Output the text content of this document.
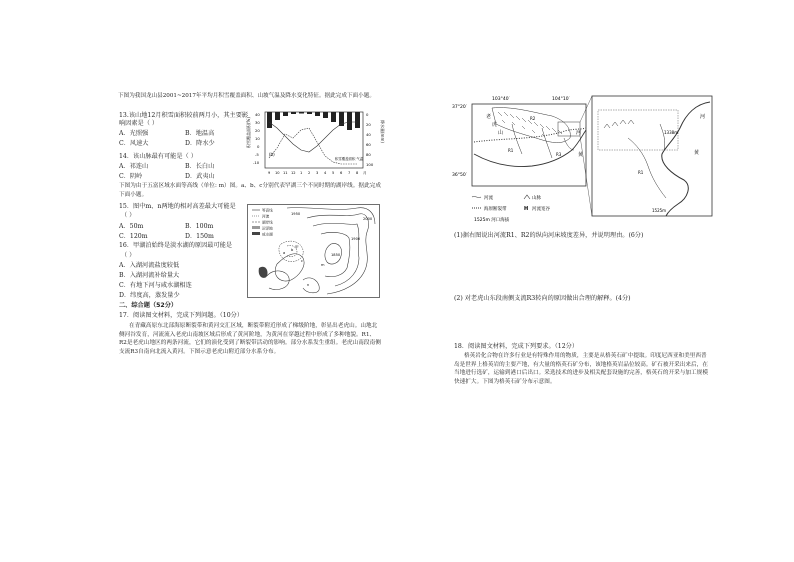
下图为我国龙山县2001~2017年平均月积雪覆盖面积、山坡气温及降水变化特征。据此完成下面小题。
13.该山地12月积雪面积较前两月小，其主要影响因素是（ ）
A．光照强	B．地温高
C．风速大	D．降水少
14．该山脉最有可能是（ ）
A．祁连山	B．长白山
C．阴岭	D．武夷山
下图为由于五富区域水面等高线（单位: m）图。a、b、c分别代表罕湖三个不同时期的湖岸线。据此完成下面小题。
15．图中m、n两地的相对高差最大可能是
（ ）
A．50m	B．100m
C．120m	D．150m
16．甲湖泊始终是淡水湖的原因最可能是
（ ）
A．入湖河流盐度较低
B．入湖河流补给量大
C．有地下河与咸水湖相连
D．纬度高，蒸发量少
二、综合题（52分）
17．阅读图文材料，完成下列问题。（10分）
在青藏高原东北部海原断裂带和黄河交汇区域，断裂带附近形成了梯级阶地，彰显出老虎山。山地北侧河谷发育，河流流入老虎山南坡区域后形成了黄河阶地，为黄河在穿越过程中形成了多种地貌。R1、R2是老虎山地区的两条河流，它们的演化受到了断裂带活动的影响。部分水系发生重组。老虎山南段南侧支流R3自南向北流入黄河。下图示意老虎山附近部分水系分布。
积雪覆盖面积(%)	降水量(mm)
40
30
20
10
0
-5
-10
0
20
40
60
80
100
(b)
9 10 11 12 1 2 3 4 5 6 7 8 月
积雪覆盖面积 气温
等高线
河流
湖岸线
沼泽地
咸水湖
1950
2000
1900
1850
a
b
c
m
n
甲
103°40′	104°10′
37°20′
36°50′
老
虎
山
R1
R2
R3
河
黄
河
黄
R1
1338m
1525m
河流	山脉
海原断裂带	H 河流宽谷
1525m 河口海拔
(1)据右图说出河流R1、R2的纵向河床坡度差异，并说明理由。(6分)
(2) 对老虎山东段南侧支流R3转向的原因做出合理的解释。(4分)
18．阅读图文材料，完成下列要求。（12分）
格英岩化合物在许多行业是有特殊作用的物质，主要是从格英石矿中提取。印度尼西亚和美里西普岛是世界上格英岩的主要产地，有大量的格英石矿分布，该地格英岩品位较高。矿石被开采出来后，在当地进行选矿，运输到港口后出口。采选技术的进步及相关配套设施的完善，格英石的开采与加工规模快速扩大。下图为格英石矿分布示意图。
